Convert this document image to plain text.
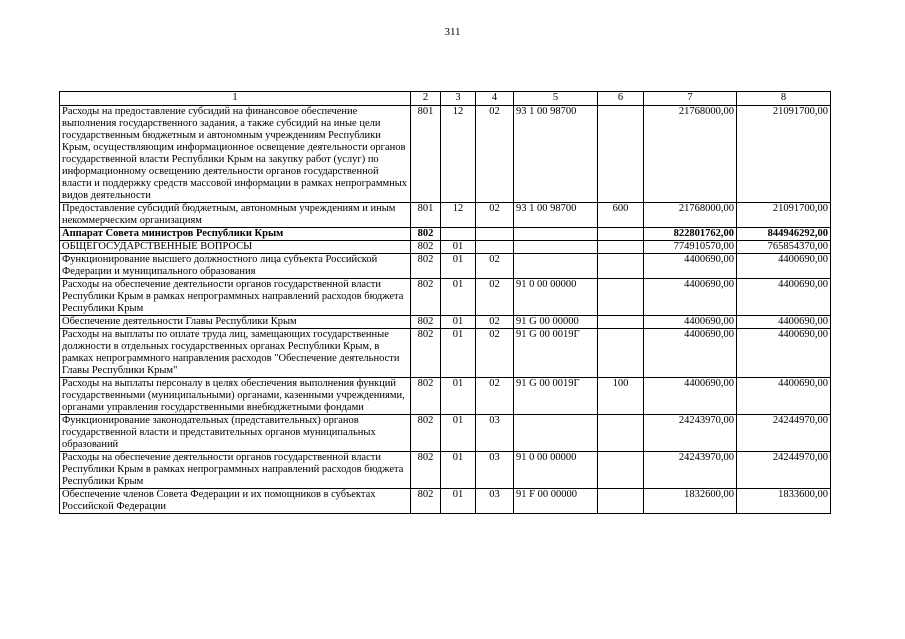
311
1	2	3	4	5	6	7	8
Расходы на предоставление субсидий на финансовое обеспечение выполнения государственного задания, а также субсидий на иные цели государственным бюджетным и автономным учреждениям Республики Крым, осуществляющим информационное освещение деятельности органов государственной власти Республики Крым на закупку работ (услуг) по информационному освещению деятельности органов государственной власти и поддержку средств массовой информации в рамках непрограммных видов деятельности	801	12	02	93 1 00 98700		21768000,00	21091700,00
Предоставление субсидий бюджетным, автономным учреждениям и иным некоммерческим организациям	801	12	02	93 1 00 98700	600	21768000,00	21091700,00
Аппарат Совета министров Республики Крым	802					822801762,00	844946292,00
ОБЩЕГОСУДАРСТВЕННЫЕ ВОПРОСЫ	802	01				774910570,00	765854370,00
Функционирование высшего должностного лица субъекта Российской Федерации и муниципального образования	802	01	02			4400690,00	4400690,00
Расходы на обеспечение деятельности органов государственной власти Республики Крым в рамках непрограммных направлений расходов бюджета Республики Крым	802	01	02	91 0 00 00000		4400690,00	4400690,00
Обеспечение деятельности Главы Республики Крым	802	01	02	91 G 00 00000		4400690,00	4400690,00
Расходы на выплаты по оплате труда лиц, замещающих государственные должности в отдельных государственных органах Республики Крым, в рамках непрограммного направления расходов "Обеспечение деятельности Главы Республики Крым"	802	01	02	91 G 00 0019Г		4400690,00	4400690,00
Расходы на выплаты персоналу в целях обеспечения выполнения функций государственными (муниципальными) органами, казенными учреждениями, органами управления государственными внебюджетными фондами	802	01	02	91 G 00 0019Г	100	4400690,00	4400690,00
Функционирование законодательных (представительных) органов государственной власти и представительных органов муниципальных образований	802	01	03			24243970,00	24244970,00
Расходы на обеспечение деятельности органов государственной власти Республики Крым в рамках непрограммных направлений расходов бюджета Республики Крым	802	01	03	91 0 00 00000		24243970,00	24244970,00
Обеспечение членов Совета Федерации и их помощников в субъектах Российской Федерации	802	01	03	91 F 00 00000		1832600,00	1833600,00
